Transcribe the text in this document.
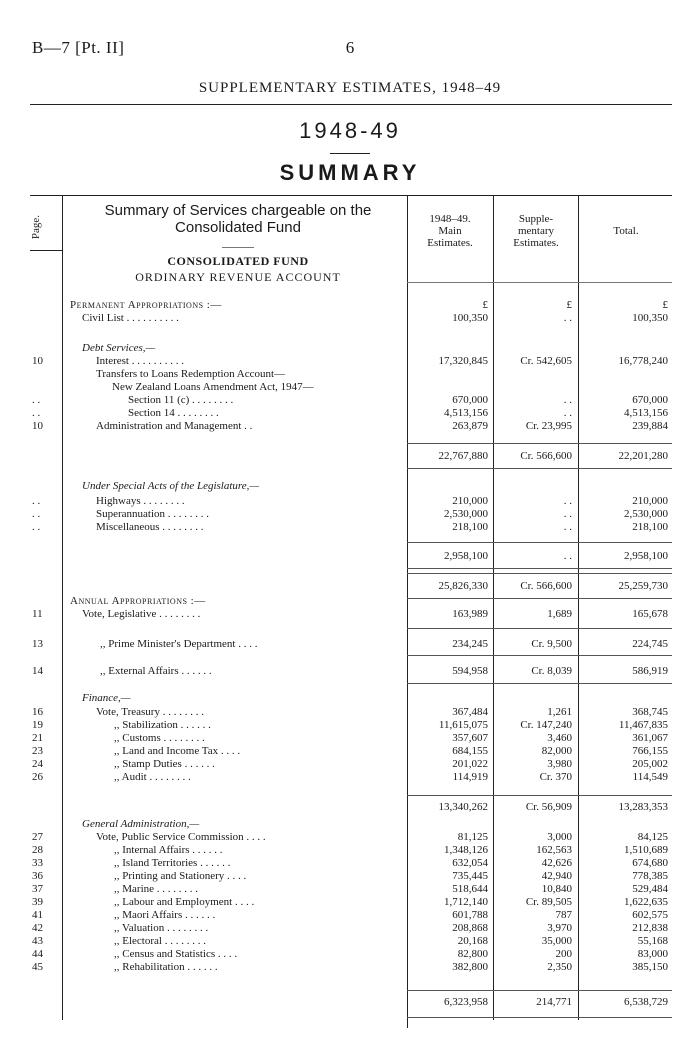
B—7 [Pt. II]	6
SUPPLEMENTARY ESTIMATES, 1948–49
1948-49
SUMMARY
Page.
Summary of Services chargeable on the
Consolidated Fund
CONSOLIDATED FUND
ORDINARY REVENUE ACCOUNT
1948–49.
Main
Estimates.
Supple-
mentary
Estimates.
Total.
Permanent Appropriations :—	£	£	£
Civil List . . . . . . . . . .	100,350	. .	100,350
Debt Services,—
10	Interest . . . . . . . . . .	17,320,845	Cr. 542,605	16,778,240
Transfers to Loans Redemption Account—
New Zealand Loans Amendment Act, 1947—
. .	Section 11 (c) . . . . . . . .	670,000	. .	670,000
. .	Section 14 . . . . . . . .	4,513,156	. .	4,513,156
10	Administration and Management . .	263,879	Cr. 23,995	239,884
22,767,880	Cr. 566,600	22,201,280
Under Special Acts of the Legislature,—
. .	Highways . . . . . . . .	210,000	. .	210,000
. .	Superannuation . . . . . . . .	2,530,000	. .	2,530,000
. .	Miscellaneous . . . . . . . .	218,100	. .	218,100
2,958,100	. .	2,958,100
25,826,330	Cr. 566,600	25,259,730
Annual Appropriations :—
11	Vote, Legislative . . . . . . . .	163,989	1,689	165,678
13	,, Prime Minister's Department . . . .	234,245	Cr. 9,500	224,745
14	,, External Affairs . . . . . .	594,958	Cr. 8,039	586,919
Finance,—
16	Vote, Treasury . . . . . . . .	367,484	1,261	368,745
19	,, Stabilization . . . . . .	11,615,075	Cr. 147,240	11,467,835
21	,, Customs . . . . . . . .	357,607	3,460	361,067
23	,, Land and Income Tax . . . .	684,155	82,000	766,155
24	,, Stamp Duties . . . . . .	201,022	3,980	205,002
26	,, Audit . . . . . . . .	114,919	Cr. 370	114,549
13,340,262	Cr. 56,909	13,283,353
General Administration,—
27	Vote, Public Service Commission . . . .	81,125	3,000	84,125
28	,, Internal Affairs . . . . . .	1,348,126	162,563	1,510,689
33	,, Island Territories . . . . . .	632,054	42,626	674,680
36	,, Printing and Stationery . . . .	735,445	42,940	778,385
37	,, Marine . . . . . . . .	518,644	10,840	529,484
39	,, Labour and Employment . . . .	1,712,140	Cr. 89,505	1,622,635
41	,, Maori Affairs . . . . . .	601,788	787	602,575
42	,, Valuation . . . . . . . .	208,868	3,970	212,838
43	,, Electoral . . . . . . . .	20,168	35,000	55,168
44	,, Census and Statistics . . . .	82,800	200	83,000
45	,, Rehabilitation . . . . . .	382,800	2,350	385,150
6,323,958	214,771	6,538,729
